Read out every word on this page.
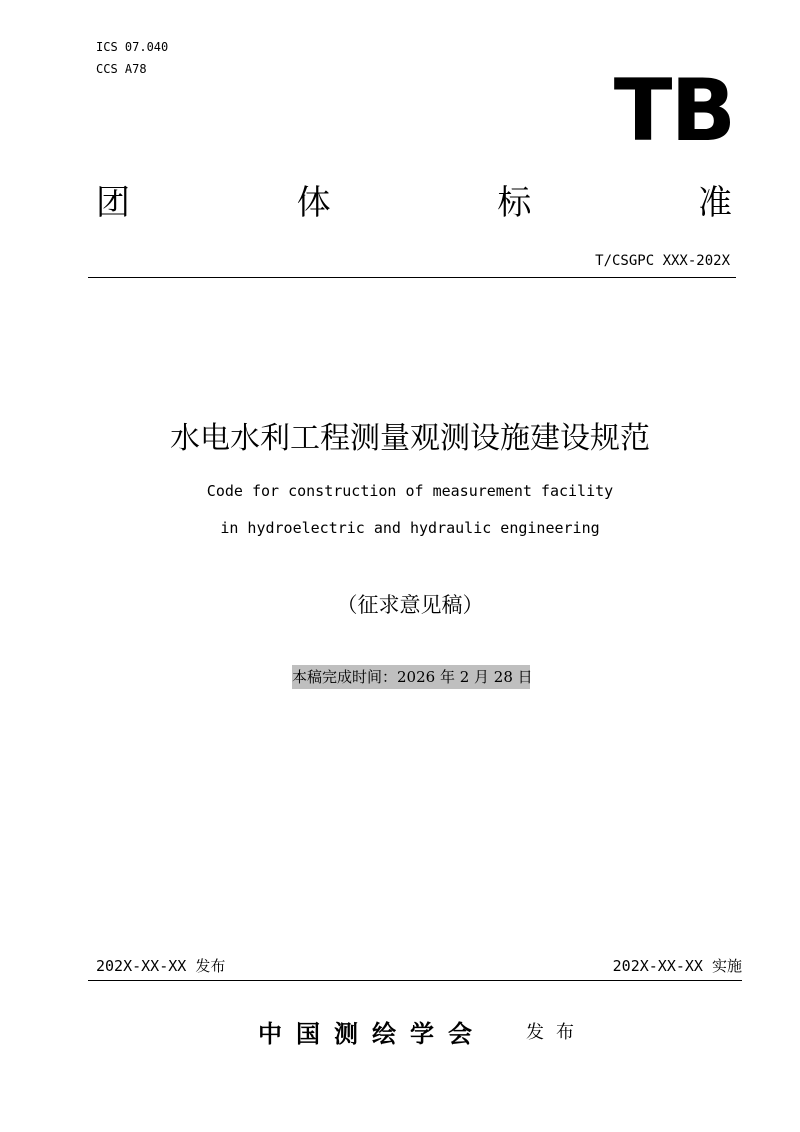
ICS 07.040
CCS A78	TB
团	体	标	准
T/CSGPC XXX-202X
水电水利工程测量观测设施建设规范
Code for construction of measurement facility
in hydroelectric and hydraulic engineering
（征求意见稿）
本稿完成时间：2026 年 2 月 28 日
202X-XX-XX 发布	202X-XX-XX 实施
中国测绘学会 发布
